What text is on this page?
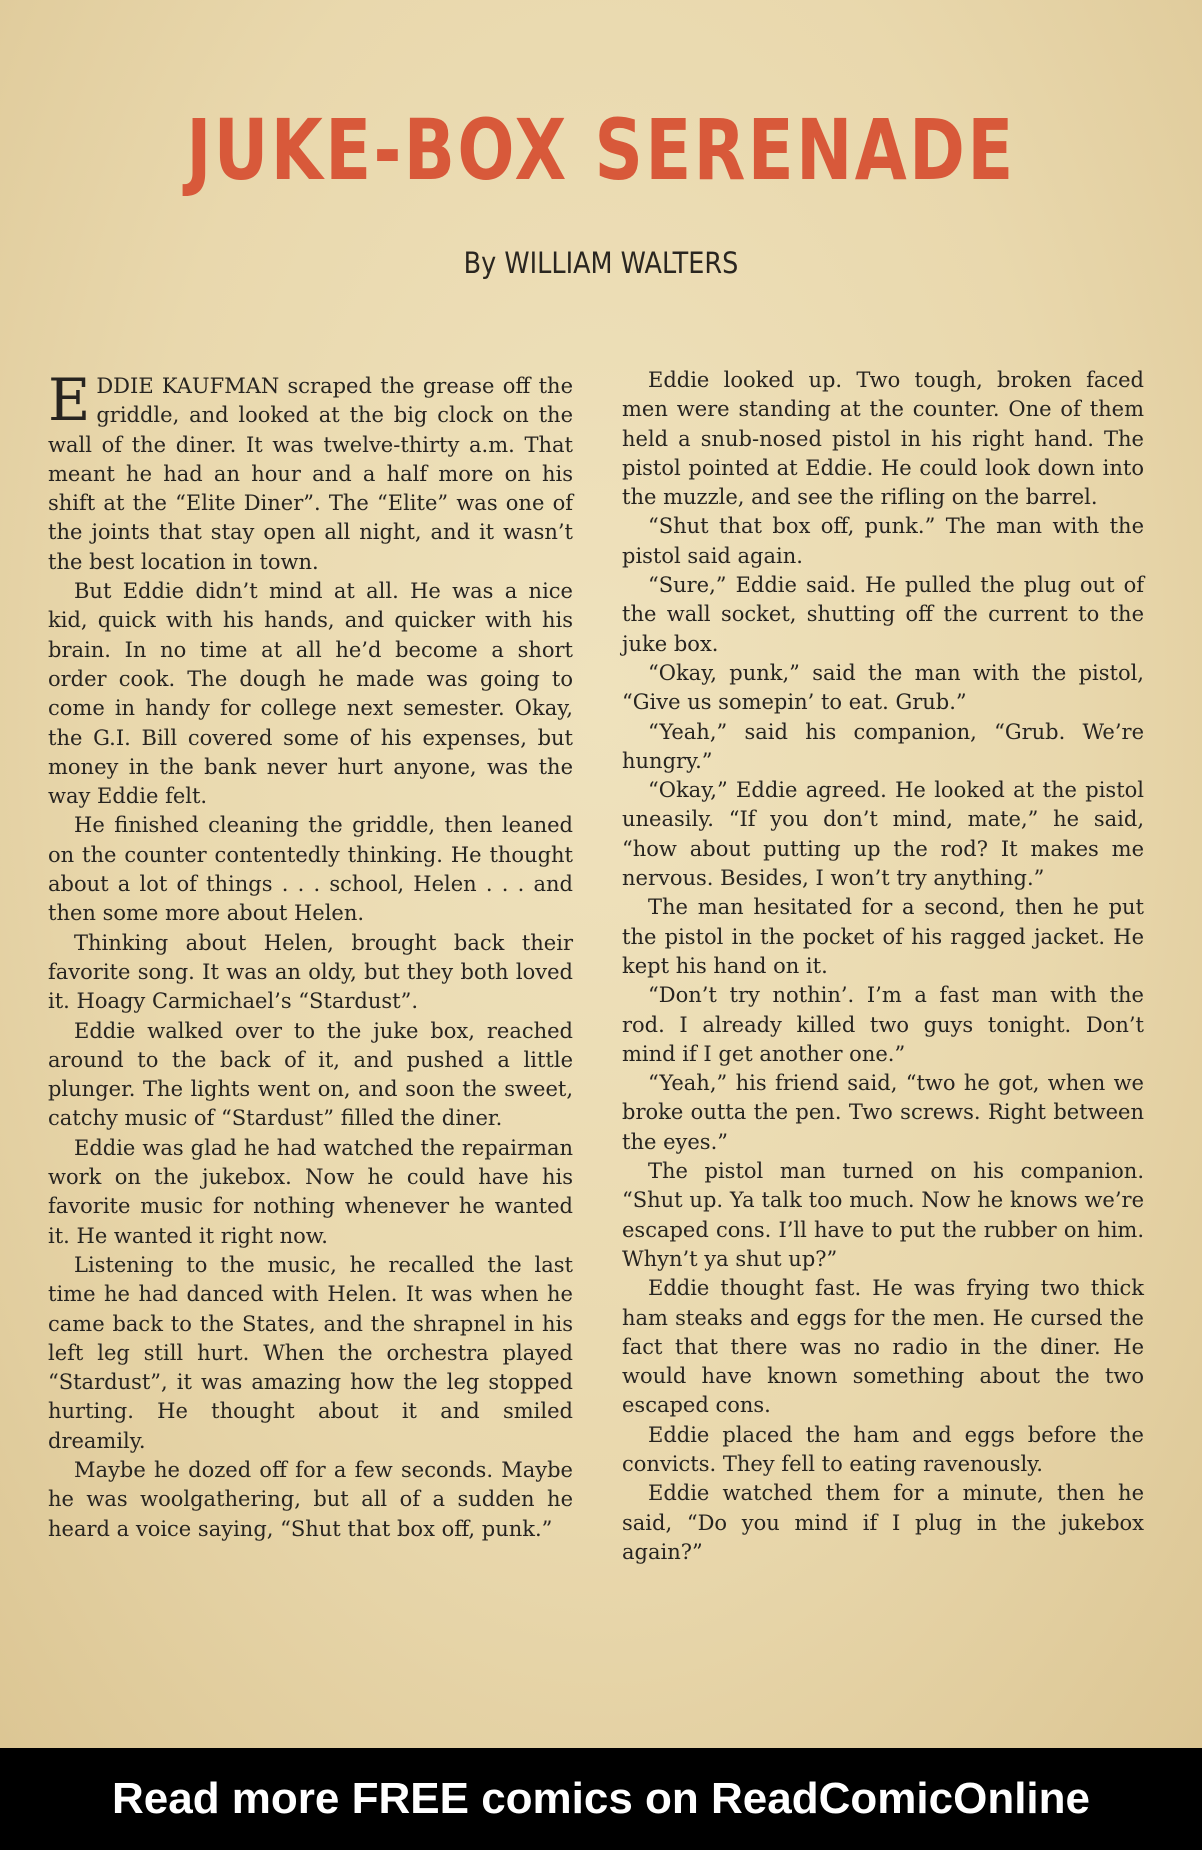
JUKE-BOX SERENADE
By WILLIAM WALTERS

EDDIE KAUFMAN scraped the grease off the griddle, and looked at the big clock on the wall of the diner. It was twelve-thirty a.m. That meant he had an hour and a half more on his shift at the “Elite Diner”. The “Elite” was one of the joints that stay open all night, and it wasn’t the best location in town.

But Eddie didn’t mind at all. He was a nice kid, quick with his hands, and quicker with his brain. In no time at all he’d become a short order cook. The dough he made was going to come in handy for college next semester. Okay, the G.I. Bill covered some of his expenses, but money in the bank never hurt anyone, was the way Eddie felt.

He finished cleaning the griddle, then leaned on the counter contentedly thinking. He thought about a lot of things . . . school, Helen . . . and then some more about Helen.

Thinking about Helen, brought back their favorite song. It was an oldy, but they both loved it. Hoagy Carmichael’s “Stardust”.

Eddie walked over to the juke box, reached around to the back of it, and pushed a little plunger. The lights went on, and soon the sweet, catchy music of “Stardust” filled the diner.

Eddie was glad he had watched the repairman work on the jukebox. Now he could have his favorite music for nothing whenever he wanted it. He wanted it right now.

Listening to the music, he recalled the last time he had danced with Helen. It was when he came back to the States, and the shrapnel in his left leg still hurt. When the orchestra played “Stardust”, it was amazing how the leg stopped hurting. He thought about it and smiled dreamily.

Maybe he dozed off for a few seconds. Maybe he was woolgathering, but all of a sudden he heard a voice saying, “Shut that box off, punk.”

Eddie looked up. Two tough, broken faced men were standing at the counter. One of them held a snub-nosed pistol in his right hand. The pistol pointed at Eddie. He could look down into the muzzle, and see the rifling on the barrel.

“Shut that box off, punk.” The man with the pistol said again.

“Sure,” Eddie said. He pulled the plug out of the wall socket, shutting off the current to the juke box.

“Okay, punk,” said the man with the pistol, “Give us somepin’ to eat. Grub.”

“Yeah,” said his companion, “Grub. We’re hungry.”

“Okay,” Eddie agreed. He looked at the pistol uneasily. “If you don’t mind, mate,” he said, “how about putting up the rod? It makes me nervous. Besides, I won’t try anything.”

The man hesitated for a second, then he put the pistol in the pocket of his ragged jacket. He kept his hand on it.

“Don’t try nothin’. I’m a fast man with the rod. I already killed two guys tonight. Don’t mind if I get another one.”

“Yeah,” his friend said, “two he got, when we broke outta the pen. Two screws. Right between the eyes.”

The pistol man turned on his companion. “Shut up. Ya talk too much. Now he knows we’re escaped cons. I’ll have to put the rubber on him. Whyn’t ya shut up?”

Eddie thought fast. He was frying two thick ham steaks and eggs for the men. He cursed the fact that there was no radio in the diner. He would have known something about the two escaped cons.

Eddie placed the ham and eggs before the convicts. They fell to eating ravenously.

Eddie watched them for a minute, then he said, “Do you mind if I plug in the jukebox again?”

Read more FREE comics on ReadComicOnline
